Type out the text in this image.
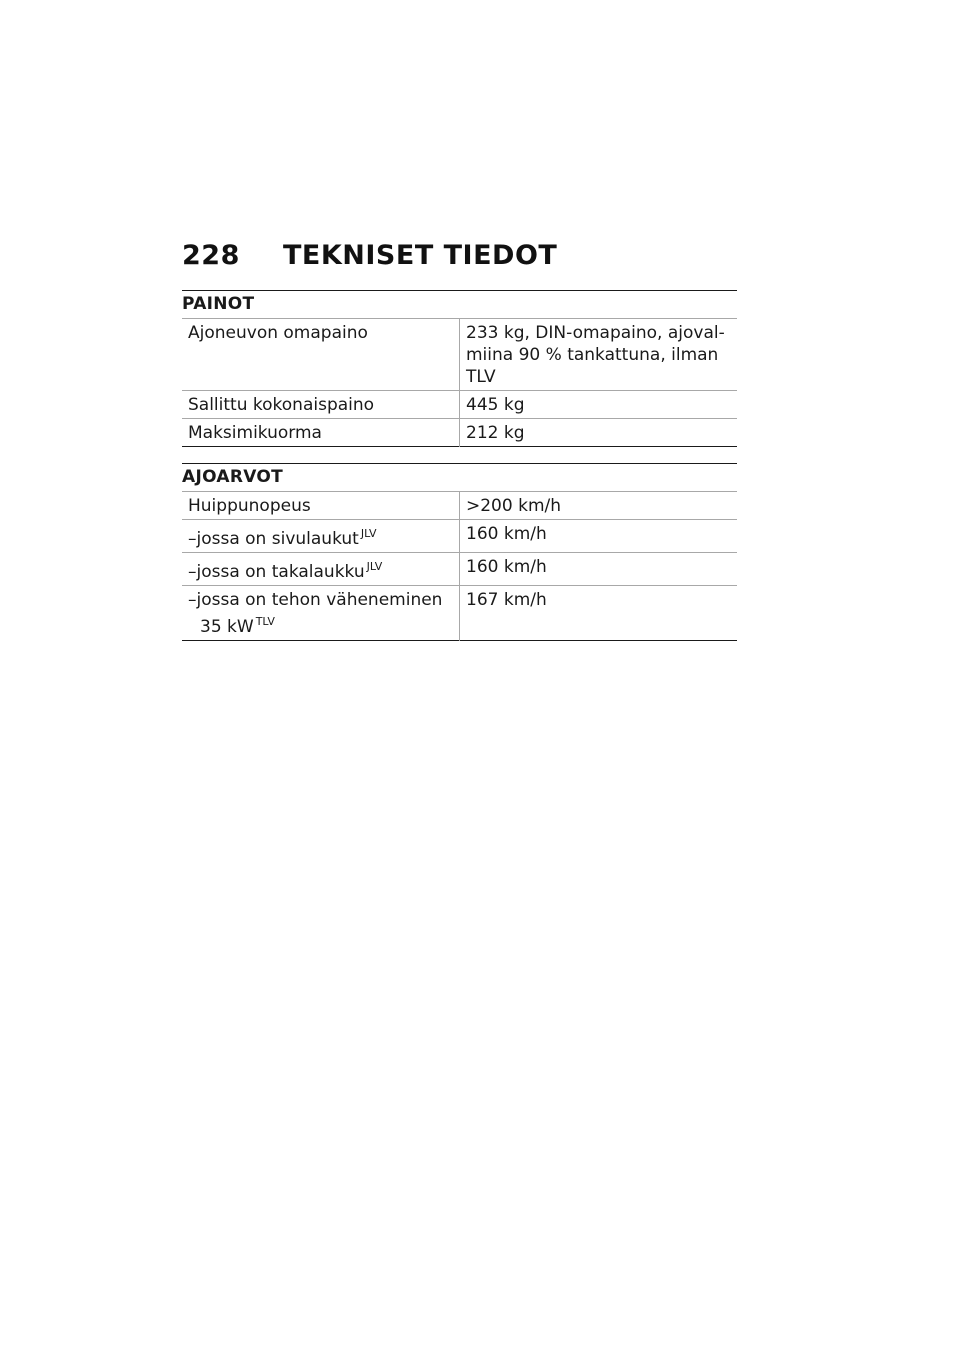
228	TEKNISET TIEDOT
PAINOT
Ajoneuvon omapaino	233 kg, DIN-omapaino, ajoval-miina 90 % tankattuna, ilman TLV
Sallittu kokonaispaino	445 kg
Maksimikuorma	212 kg
AJOARVOT
Huippunopeus	>200 km/h
–jossa on sivulaukut $^{JLV}$	160 km/h
–jossa on takalaukku $^{JLV}$	160 km/h
–jossa on tehon väheneminen
35 kW $^{TLV}$	167 km/h
